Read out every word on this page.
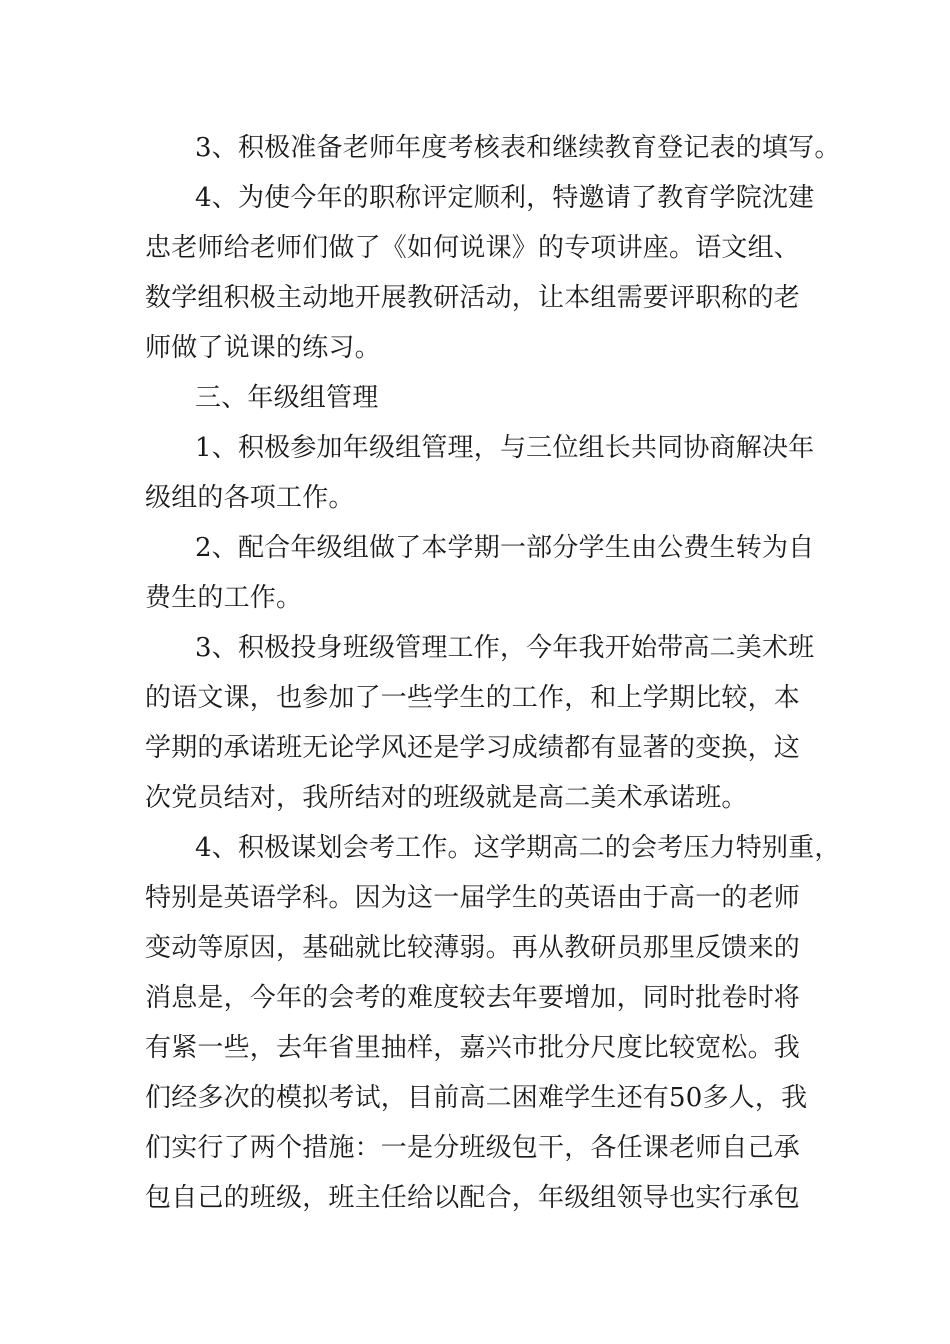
3、积极准备老师年度考核表和继续教育登记表的填写。
4、为使今年的职称评定顺利，特邀请了教育学院沈建
忠老师给老师们做了《如何说课》的专项讲座。语文组、
数学组积极主动地开展教研活动，让本组需要评职称的老
师做了说课的练习。
三、年级组管理
1、积极参加年级组管理，与三位组长共同协商解决年
级组的各项工作。
2、配合年级组做了本学期一部分学生由公费生转为自
费生的工作。
3、积极投身班级管理工作，今年我开始带高二美术班
的语文课，也参加了一些学生的工作，和上学期比较，本
学期的承诺班无论学风还是学习成绩都有显著的变换，这
次党员结对，我所结对的班级就是高二美术承诺班。
4、积极谋划会考工作。这学期高二的会考压力特别重，
特别是英语学科。因为这一届学生的英语由于高一的老师
变动等原因，基础就比较薄弱。再从教研员那里反馈来的
消息是，今年的会考的难度较去年要增加，同时批卷时将
有紧一些，去年省里抽样，嘉兴市批分尺度比较宽松。我
们经多次的模拟考试，目前高二困难学生还有50多人，我
们实行了两个措施：一是分班级包干，各任课老师自己承
包自己的班级，班主任给以配合，年级组领导也实行承包
